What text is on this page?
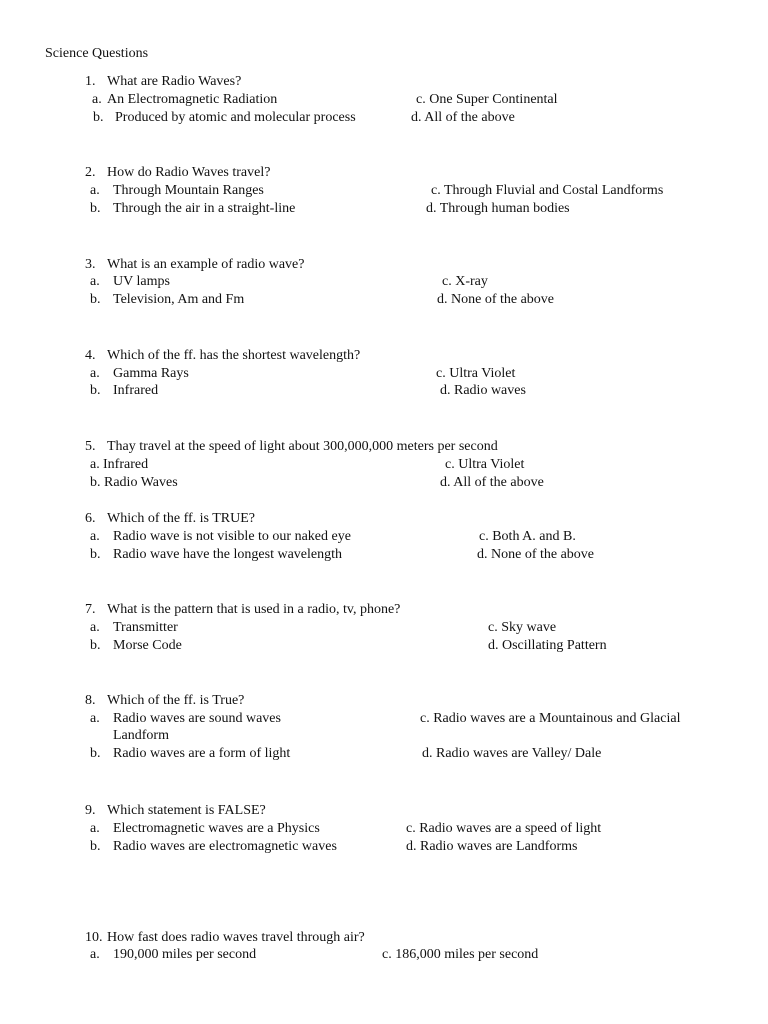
Science Questions
1. What are Radio Waves?
a. An Electromagnetic Radiation	c. One Super Continental
b. Produced by atomic and molecular process	d. All of the above
2. How do Radio Waves travel?
a. Through Mountain Ranges	c. Through Fluvial and Costal Landforms
b. Through the air in a straight-line	d. Through human bodies
3. What is an example of radio wave?
a. UV lamps	c. X-ray
b. Television, Am and Fm	d. None of the above
4. Which of the ff. has the shortest wavelength?
a. Gamma Rays	c. Ultra Violet
b. Infrared	d. Radio waves
5. Thay travel at the speed of light about 300,000,000 meters per second
a. Infrared	c. Ultra Violet
b. Radio Waves	d. All of the above
6. Which of the ff. is TRUE?
a. Radio wave is not visible to our naked eye	c. Both A. and B.
b. Radio wave have the longest wavelength	d. None of the above
7. What is the pattern that is used in a radio, tv, phone?
a. Transmitter	c. Sky wave
b. Morse Code	d. Oscillating Pattern
8. Which of the ff. is True?
a. Radio waves are sound waves	c. Radio waves are a Mountainous and Glacial
Landform
b. Radio waves are a form of light	d. Radio waves are Valley/ Dale
9. Which statement is FALSE?
a. Electromagnetic waves are a Physics	c. Radio waves are a speed of light
b. Radio waves are electromagnetic waves	d. Radio waves are Landforms
10. How fast does radio waves travel through air?
a. 190,000 miles per second	c. 186,000 miles per second
